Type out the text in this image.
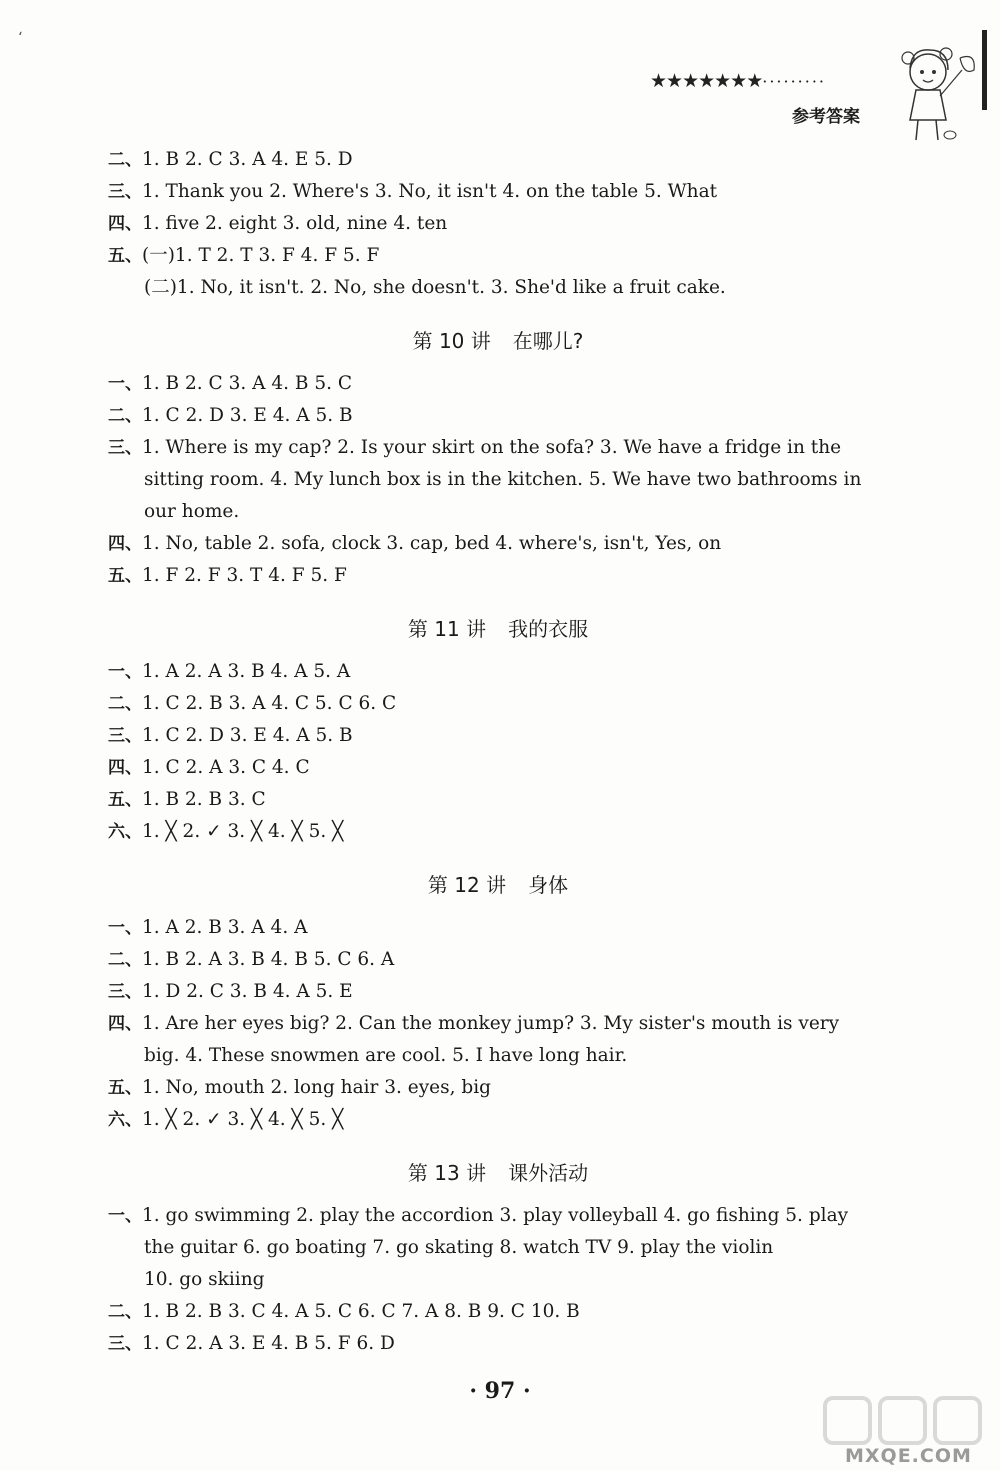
ʻ
★★★★★★★·········
参考答案
二、1. B 2. C 3. A 4. E 5. D
三、1. Thank you 2. Where's 3. No, it isn't 4. on the table 5. What
四、1. five 2. eight 3. old, nine 4. ten
五、(一)1. T 2. T 3. F 4. F 5. F
(二)1. No, it isn't. 2. No, she doesn't. 3. She'd like a fruit cake.
第 10 讲 在哪儿?
一、1. B 2. C 3. A 4. B 5. C
二、1. C 2. D 3. E 4. A 5. B
三、1. Where is my cap? 2. Is your skirt on the sofa? 3. We have a fridge in the
sitting room. 4. My lunch box is in the kitchen. 5. We have two bathrooms in
our home.
四、1. No, table 2. sofa, clock 3. cap, bed 4. where's, isn't, Yes, on
五、1. F 2. F 3. T 4. F 5. F
第 11 讲 我的衣服
一、1. A 2. A 3. B 4. A 5. A
二、1. C 2. B 3. A 4. C 5. C 6. C
三、1. C 2. D 3. E 4. A 5. B
四、1. C 2. A 3. C 4. C
五、1. B 2. B 3. C
六、1. ╳ 2. ✓ 3. ╳ 4. ╳ 5. ╳
第 12 讲 身体
一、1. A 2. B 3. A 4. A
二、1. B 2. A 3. B 4. B 5. C 6. A
三、1. D 2. C 3. B 4. A 5. E
四、1. Are her eyes big? 2. Can the monkey jump? 3. My sister's mouth is very
big. 4. These snowmen are cool. 5. I have long hair.
五、1. No, mouth 2. long hair 3. eyes, big
六、1. ╳ 2. ✓ 3. ╳ 4. ╳ 5. ╳
第 13 讲 课外活动
一、1. go swimming 2. play the accordion 3. play volleyball 4. go fishing 5. play
the guitar 6. go boating 7. go skating 8. watch TV 9. play the violin
10. go skiing
二、1. B 2. B 3. C 4. A 5. C 6. C 7. A 8. B 9. C 10. B
三、1. C 2. A 3. E 4. B 5. F 6. D
· 97 ·
MXQE.COM
